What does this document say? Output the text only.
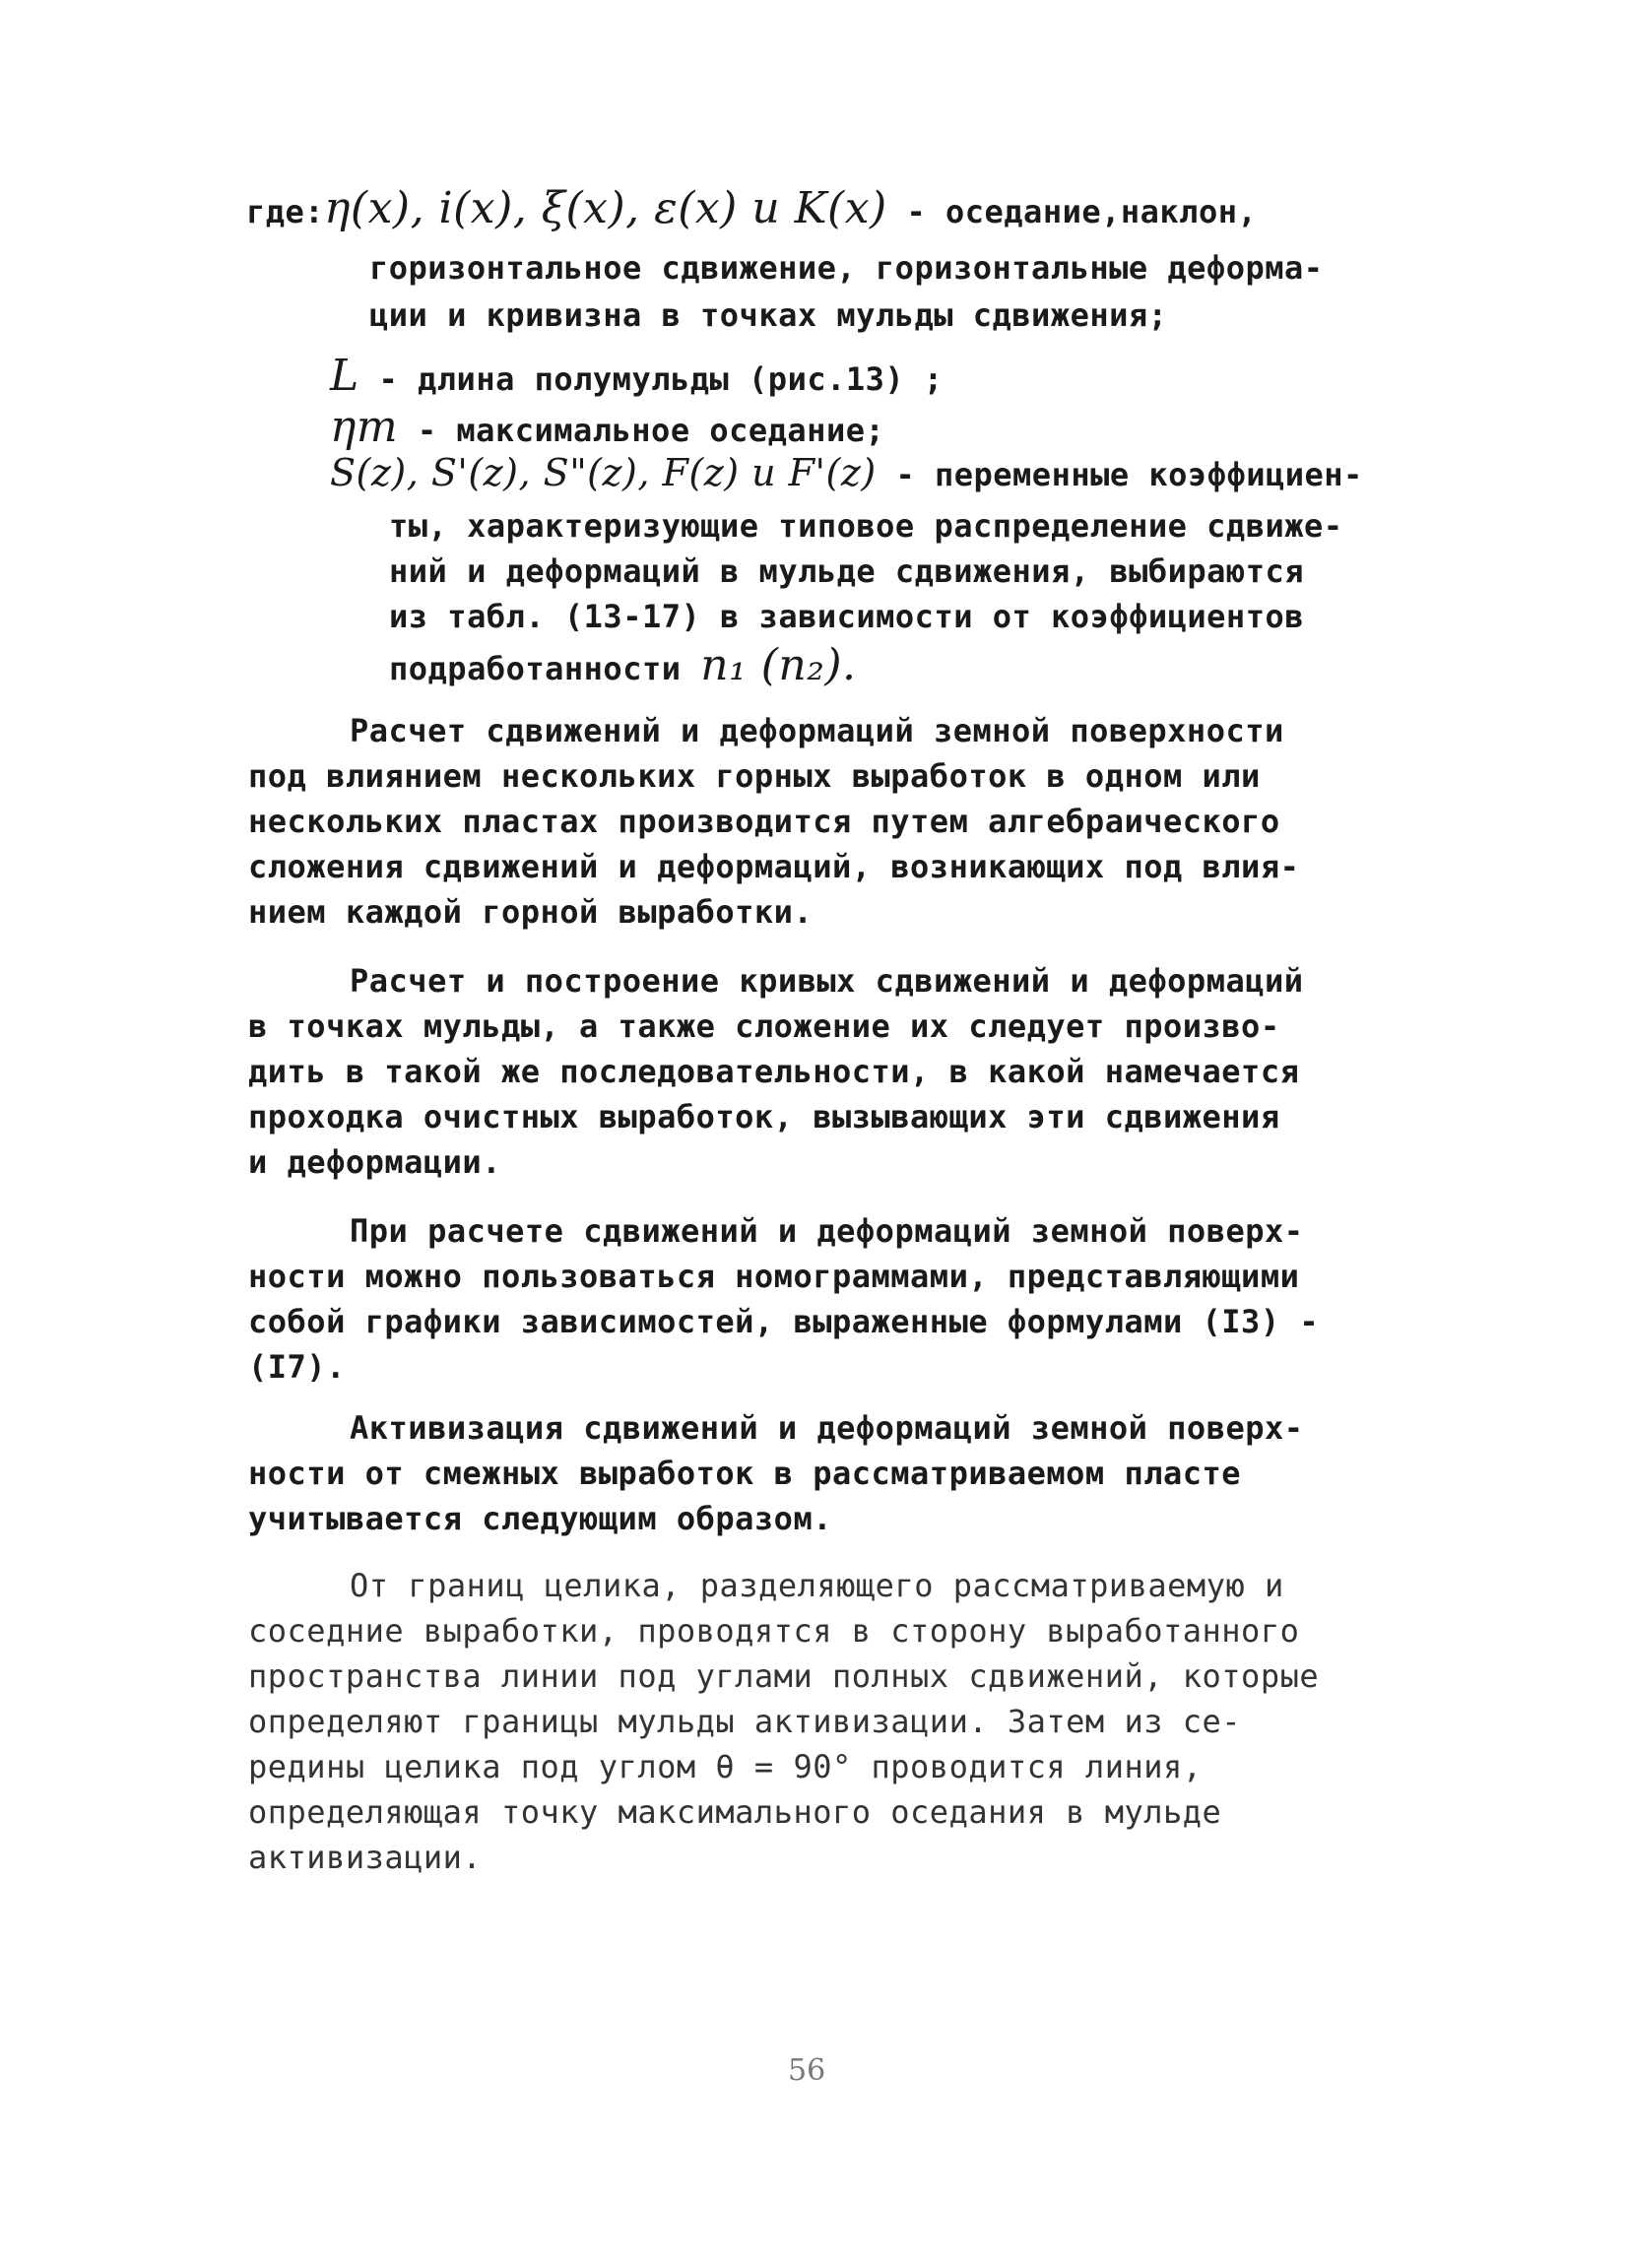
где:η(x), i(x), ξ(x), ε(x) и K(x) - оседание,наклон,
горизонтальное сдвижение, горизонтальные деформа-
ции и кривизна в точках мульды сдвижения;
L - длина полумульды (рис.13) ;
ηm - максимальное оседание;
S(z), S'(z), S"(z), F(z) и F'(z) - переменные коэффициен-
ты, характеризующие типовое распределение сдвиже-
ний и деформаций в мульде сдвижения, выбираются
из табл. (13-17) в зависимости от коэффициентов
подработанности n₁ (n₂).
Расчет сдвижений и деформаций земной поверхности
под влиянием нескольких горных выработок в одном или
нескольких пластах производится путем алгебраического
сложения сдвижений и деформаций, возникающих под влия-
нием каждой горной выработки.
Расчет и построение кривых сдвижений и деформаций
в точках мульды, а также сложение их следует произво-
дить в такой же последовательности, в какой намечается
проходка очистных выработок, вызывающих эти сдвижения
и деформации.
При расчете сдвижений и деформаций земной поверх-
ности можно пользоваться номограммами, представляющими
собой графики зависимостей, выраженные формулами (I3) -
(I7).
Активизация сдвижений и деформаций земной поверх-
ности от смежных выработок в рассматриваемом пласте
учитывается следующим образом.
От границ целика, разделяющего рассматриваемую и
соседние выработки, проводятся в сторону выработанного
пространства линии под углами полных сдвижений, которые
определяют границы мульды активизации. Затем из се-
редины целика под углом θ = 90° проводится линия,
определяющая точку максимального оседания в мульде
активизации.
56
